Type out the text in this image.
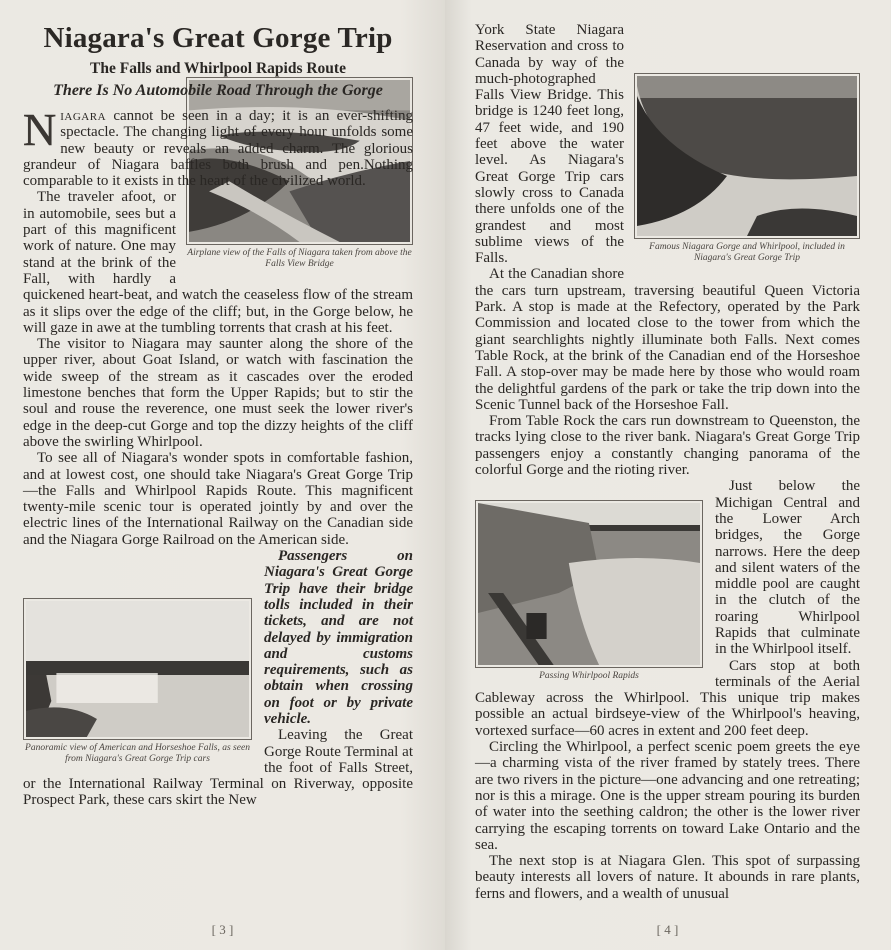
Niagara's Great Gorge Trip
The Falls and Whirlpool Rapids Route
There Is No Automobile Road Through the Gorge

Niagara cannot be seen in a day; it is an ever-shifting spectacle. The changing light of every hour unfolds some new beauty or reveals an added charm. The glorious grandeur of Niagara baffles both brush and pen.Nothing comparable to it exists in the heart of the civilized world.

Airplane view of the Falls of Niagara taken from above the Falls View Bridge

The traveler afoot, or in automobile, sees but a part of this magnificent work of nature. One may stand at the brink of the Fall, with hardly a quickened heart-beat, and watch the ceaseless flow of the stream as it slips over the edge of the cliff; but, in the Gorge below, he will gaze in awe at the tumbling torrents that crash at his feet.

The visitor to Niagara may saunter along the shore of the upper river, about Goat Island, or watch with fascination the wide sweep of the stream as it cascades over the eroded limestone benches that form the Upper Rapids; but to stir the soul and rouse the reverence, one must seek the lower river's edge in the deep-cut Gorge and top the dizzy heights of the cliff above the swirling Whirlpool.

To see all of Niagara's wonder spots in comfortable fashion, and at lowest cost, one should take Niagara's Great Gorge Trip—the Falls and Whirlpool Rapids Route. This magnificent twenty-mile scenic tour is operated jointly by and over the electric lines of the International Railway on the Canadian side and the Niagara Gorge Railroad on the American side.

Panoramic view of American and Horseshoe Falls, as seen from Niagara's Great Gorge Trip cars

Passengers on Niagara's Great Gorge Trip have their bridge tolls included in their tickets, and are not delayed by immigration and customs requirements, such as obtain when crossing on foot or by private vehicle.

Leaving the Great Gorge Route Terminal at the foot of Falls Street, or the International Railway Terminal on Riverway, opposite Prospect Park, these cars skirt the New

[ 3 ]
Famous Niagara Gorge and Whirlpool, included in Niagara's Great Gorge Trip

York State Niagara Reservation and cross to Canada by way of the much-photographed Falls View Bridge. This bridge is 1240 feet long, 47 feet wide, and 190 feet above the water level. As Niagara's Great Gorge Trip cars slowly cross to Canada there unfolds one of the grandest and most sublime views of the Falls.

At the Canadian shore the cars turn upstream, traversing beautiful Queen Victoria Park. A stop is made at the Refectory, operated by the Park Commission and located close to the tower from which the giant searchlights nightly illuminate both Falls. Next comes Table Rock, at the brink of the Canadian end of the Horseshoe Fall. A stop-over may be made here by those who would roam the delightful gardens of the park or take the trip down into the Scenic Tunnel back of the Horseshoe Fall.

From Table Rock the cars run downstream to Queenston, the tracks lying close to the river bank. Niagara's Great Gorge Trip passengers enjoy a constantly changing panorama of the colorful Gorge and the rioting river.

Passing Whirlpool Rapids

Just below the Michigan Central and the Lower Arch bridges, the Gorge narrows. Here the deep and silent waters of the middle pool are caught in the clutch of the roaring Whirlpool Rapids that culminate in the Whirlpool itself.

Cars stop at both terminals of the Aerial Cableway across the Whirlpool. This unique trip makes possible an actual birdseye-view of the Whirlpool's heaving, vortexed surface—60 acres in extent and 200 feet deep.

Circling the Whirlpool, a perfect scenic poem greets the eye—a charming vista of the river framed by stately trees. There are two rivers in the picture—one advancing and one retreating; nor is this a mirage. One is the upper stream pouring its burden of water into the seething caldron; the other is the lower river carrying the escaping torrents on toward Lake Ontario and the sea.

The next stop is at Niagara Glen. This spot of surpassing beauty interests all lovers of nature. It abounds in rare plants, ferns and flowers, and a wealth of unusual

[ 4 ]
